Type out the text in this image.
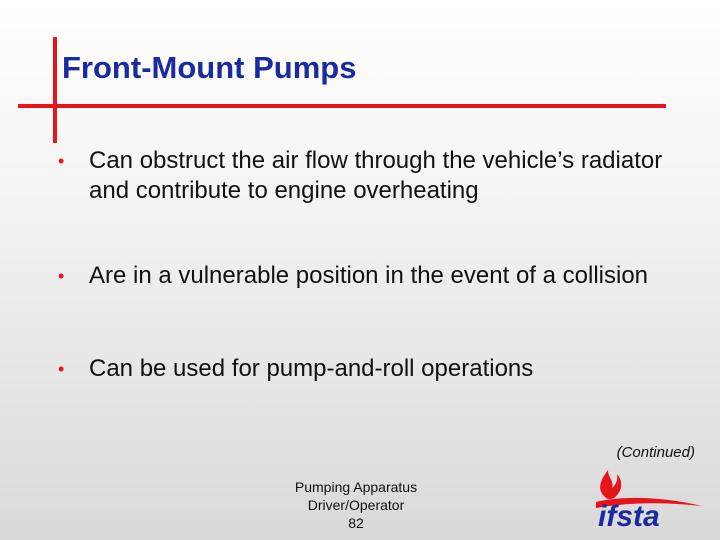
Front-Mount Pumps
• Can obstruct the air flow through the vehicle’s radiator and contribute to engine overheating
• Are in a vulnerable position in the event of a collision
• Can be used for pump-and-roll operations
(Continued)
Pumping Apparatus
Driver/Operator
82	ifsta
